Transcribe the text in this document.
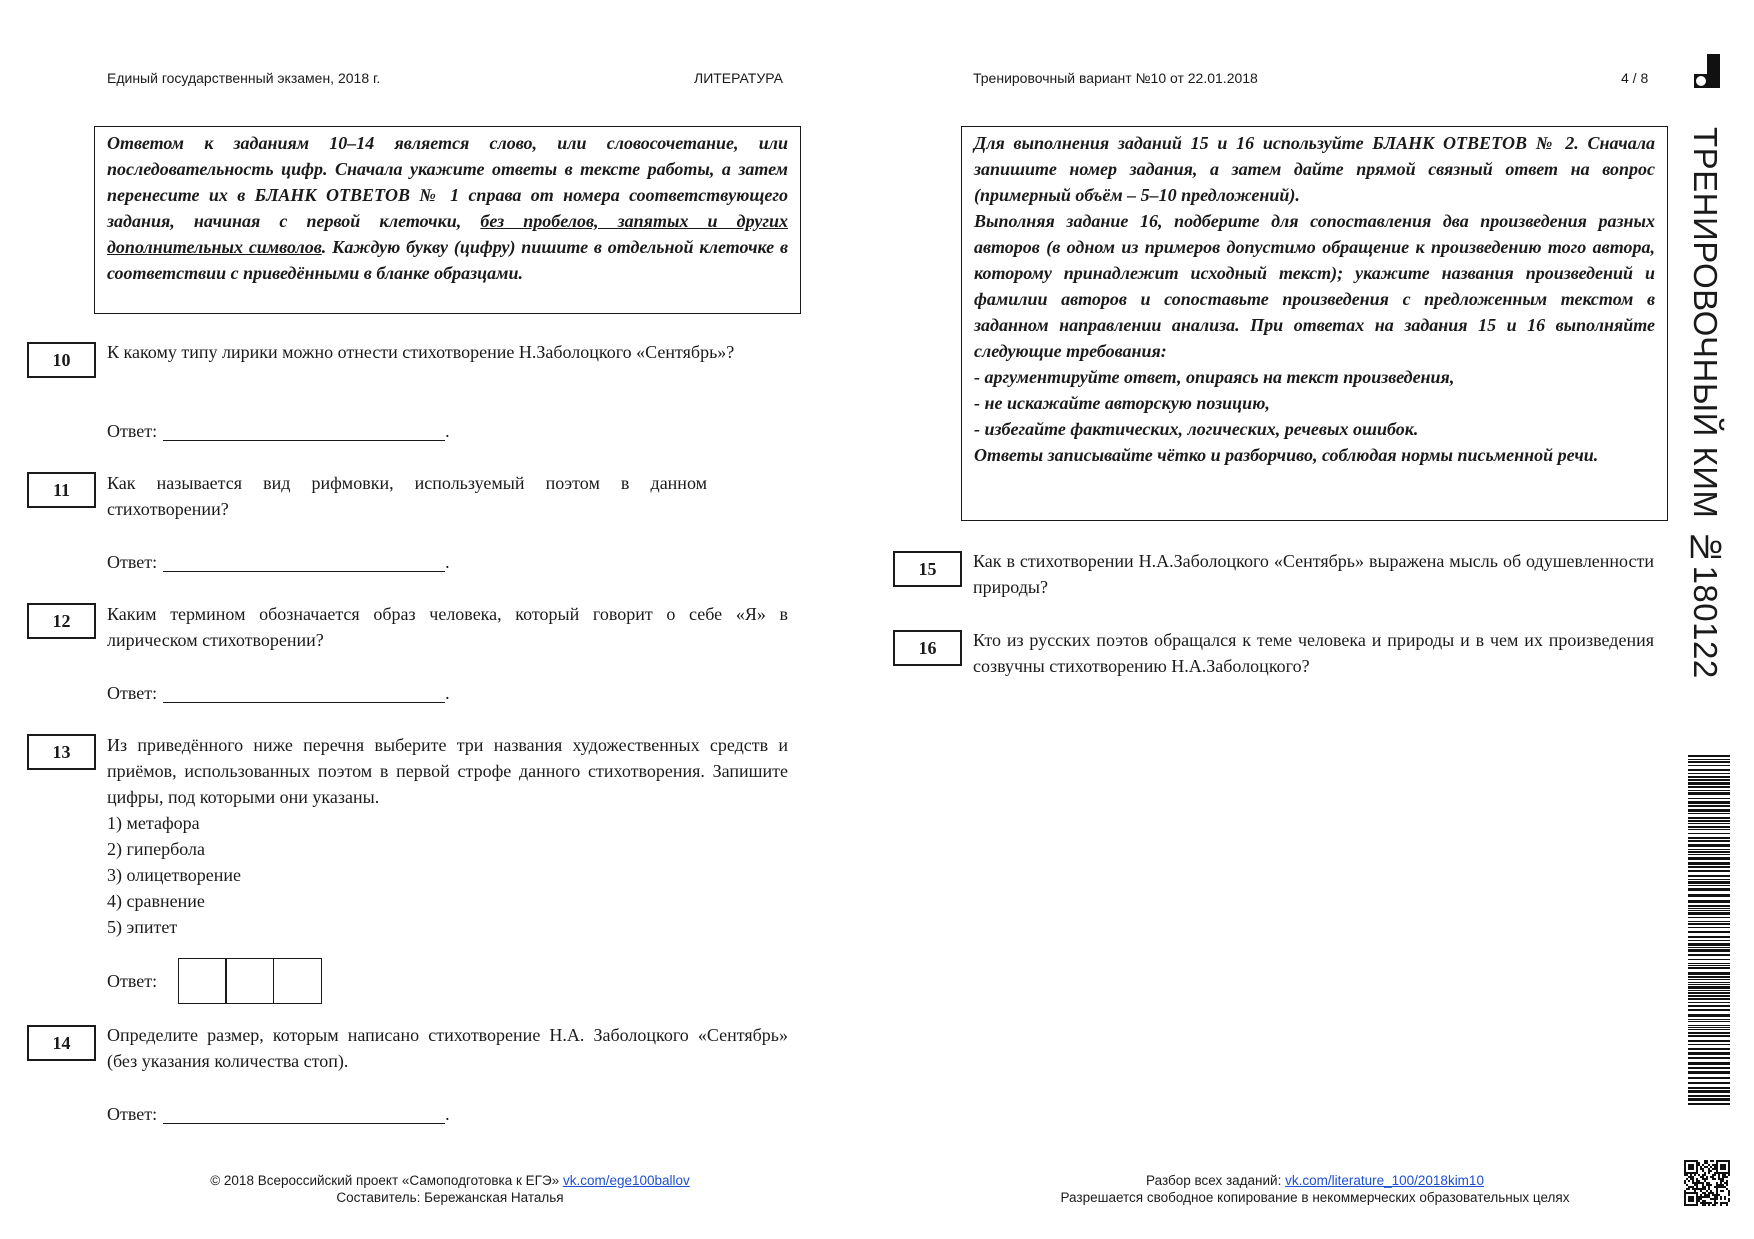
Единый государственный экзамен, 2018 г.	ЛИТЕРАТУРА	Тренировочный вариант №10 от 22.01.2018	4 / 8

Ответом к заданиям 10–14 является слово, или словосочетание, или последовательность цифр. Сначала укажите ответы в тексте работы, а затем перенесите их в БЛАНК ОТВЕТОВ № 1 справа от номера соответствующего задания, начиная с первой клеточки, без пробелов, запятых и других дополнительных символов. Каждую букву (цифру) пишите в отдельной клеточке в соответствии с приведёнными в бланке образцами.

10	К какому типу лирики можно отнести стихотворение Н.Заболоцкого «Сентябрь»?

Ответ:	.
11	Как называется вид рифмовки, используемый поэтом в данном стихотворении?

Ответ:	.
12	Каким термином обозначается образ человека, который говорит о себе «Я» в лирическом стихотворении?

Ответ:	.
13	Из приведённого ниже перечня выберите три названия художественных средств и приёмов, использованных поэтом в первой строфе данного стихотворения. Запишите цифры, под которыми они указаны.

1) метафора

2) гипербола

3) олицетворение

4) сравнение

5) эпитет

Ответ:
14	Определите размер, которым написано стихотворение Н.А. Заболоцкого «Сентябрь» (без указания количества стоп).

Ответ:	.

Для выполнения заданий 15 и 16 используйте БЛАНК ОТВЕТОВ № 2. Сначала запишите номер задания, а затем дайте прямой связный ответ на вопрос (примерный объём – 5–10 предложений).

Выполняя задание 16, подберите для сопоставления два произведения разных авторов (в одном из примеров допустимо обращение к произведению того автора, которому принадлежит исходный текст); укажите названия произведений и фамилии авторов и сопоставьте произведения с предложенным текстом в заданном направлении анализа. При ответах на задания 15 и 16 выполняйте следующие требования:

- аргументируйте ответ, опираясь на текст произведения,

- не искажайте авторскую позицию,

- избегайте фактических, логических, речевых ошибок.

Ответы записывайте чётко и разборчиво, соблюдая нормы письменной речи.

15	Как в стихотворении Н.А.Заболоцкого «Сентябрь» выражена мысль об одушевленности природы?

16	Кто из русских поэтов обращался к теме человека и природы и в чем их произведения созвучны стихотворению Н.А.Заболоцкого?	ТРЕНИРОВОЧНЫЙ КИМ №180122
© 2018 Всероссийский проект «Самоподготовка к ЕГЭ» vk.com/ege100ballov
Составитель: Бережанская Наталья
Разбор всех заданий: vk.com/literature_100/2018kim10
Разрешается свободное копирование в некоммерческих образовательных целях
